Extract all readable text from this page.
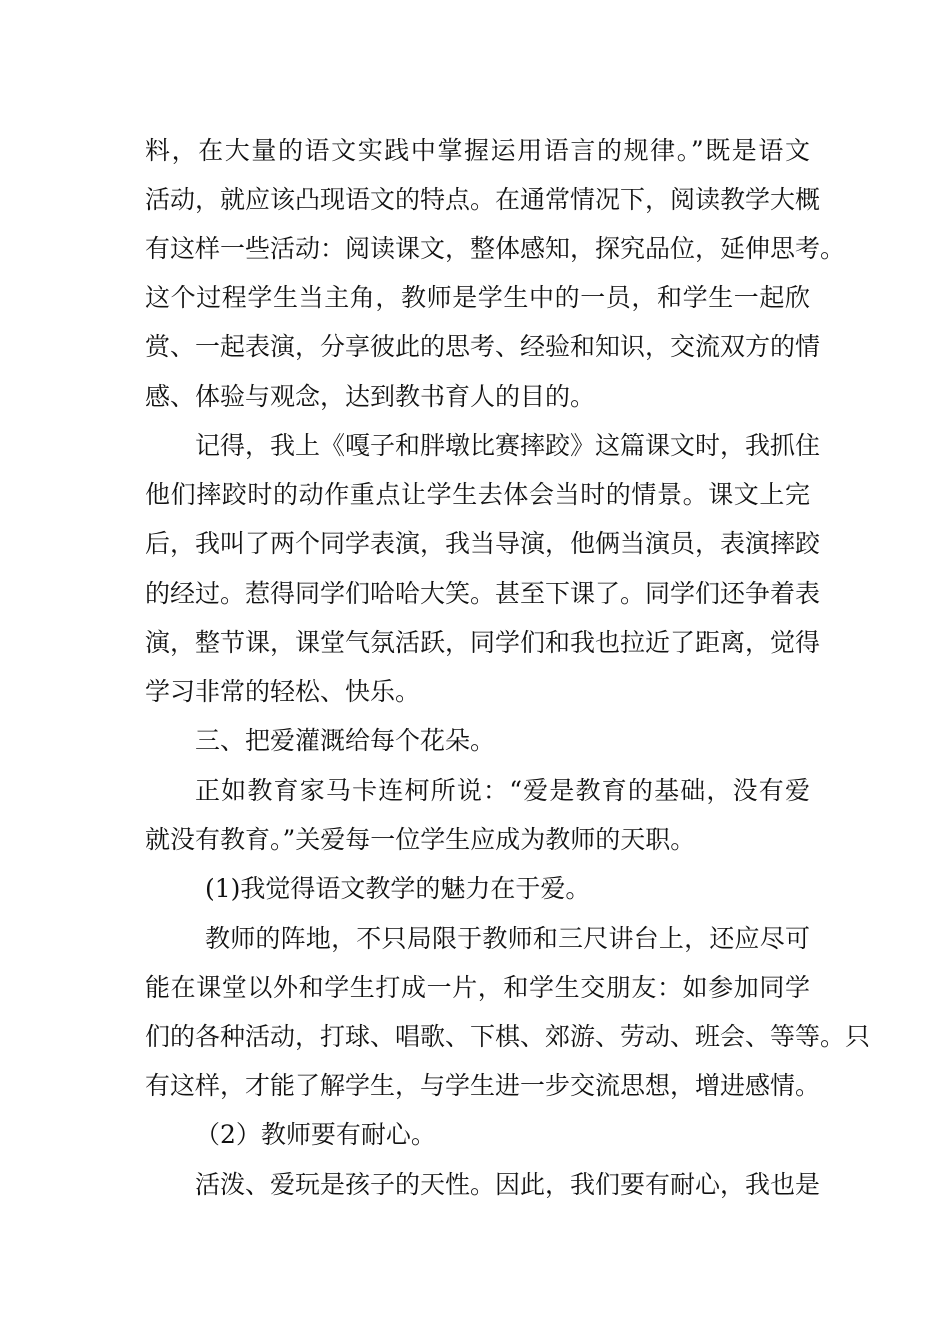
料，在大量的语文实践中掌握运用语言的规律。”既是语文
活动，就应该凸现语文的特点。在通常情况下，阅读教学大概
有这样一些活动：阅读课文，整体感知，探究品位，延伸思考。
这个过程学生当主角，教师是学生中的一员，和学生一起欣
赏、一起表演，分享彼此的思考、经验和知识，交流双方的情
感、体验与观念，达到教书育人的目的。
记得，我上《嘎子和胖墩比赛摔跤》这篇课文时，我抓住
他们摔跤时的动作重点让学生去体会当时的情景。课文上完
后，我叫了两个同学表演，我当导演，他俩当演员，表演摔跤
的经过。惹得同学们哈哈大笑。甚至下课了。同学们还争着表
演，整节课，课堂气氛活跃，同学们和我也拉近了距离，觉得
学习非常的轻松、快乐。
三、把爱灌溉给每个花朵。
正如教育家马卡连柯所说：“爱是教育的基础，没有爱
就没有教育。”关爱每一位学生应成为教师的天职。
(1)我觉得语文教学的魅力在于爱。
教师的阵地，不只局限于教师和三尺讲台上，还应尽可
能在课堂以外和学生打成一片，和学生交朋友：如参加同学
们的各种活动，打球、唱歌、下棋、郊游、劳动、班会、等等。只
有这样，才能了解学生，与学生进一步交流思想，增进感情。
（2）教师要有耐心。
活泼、爱玩是孩子的天性。因此，我们要有耐心，我也是
